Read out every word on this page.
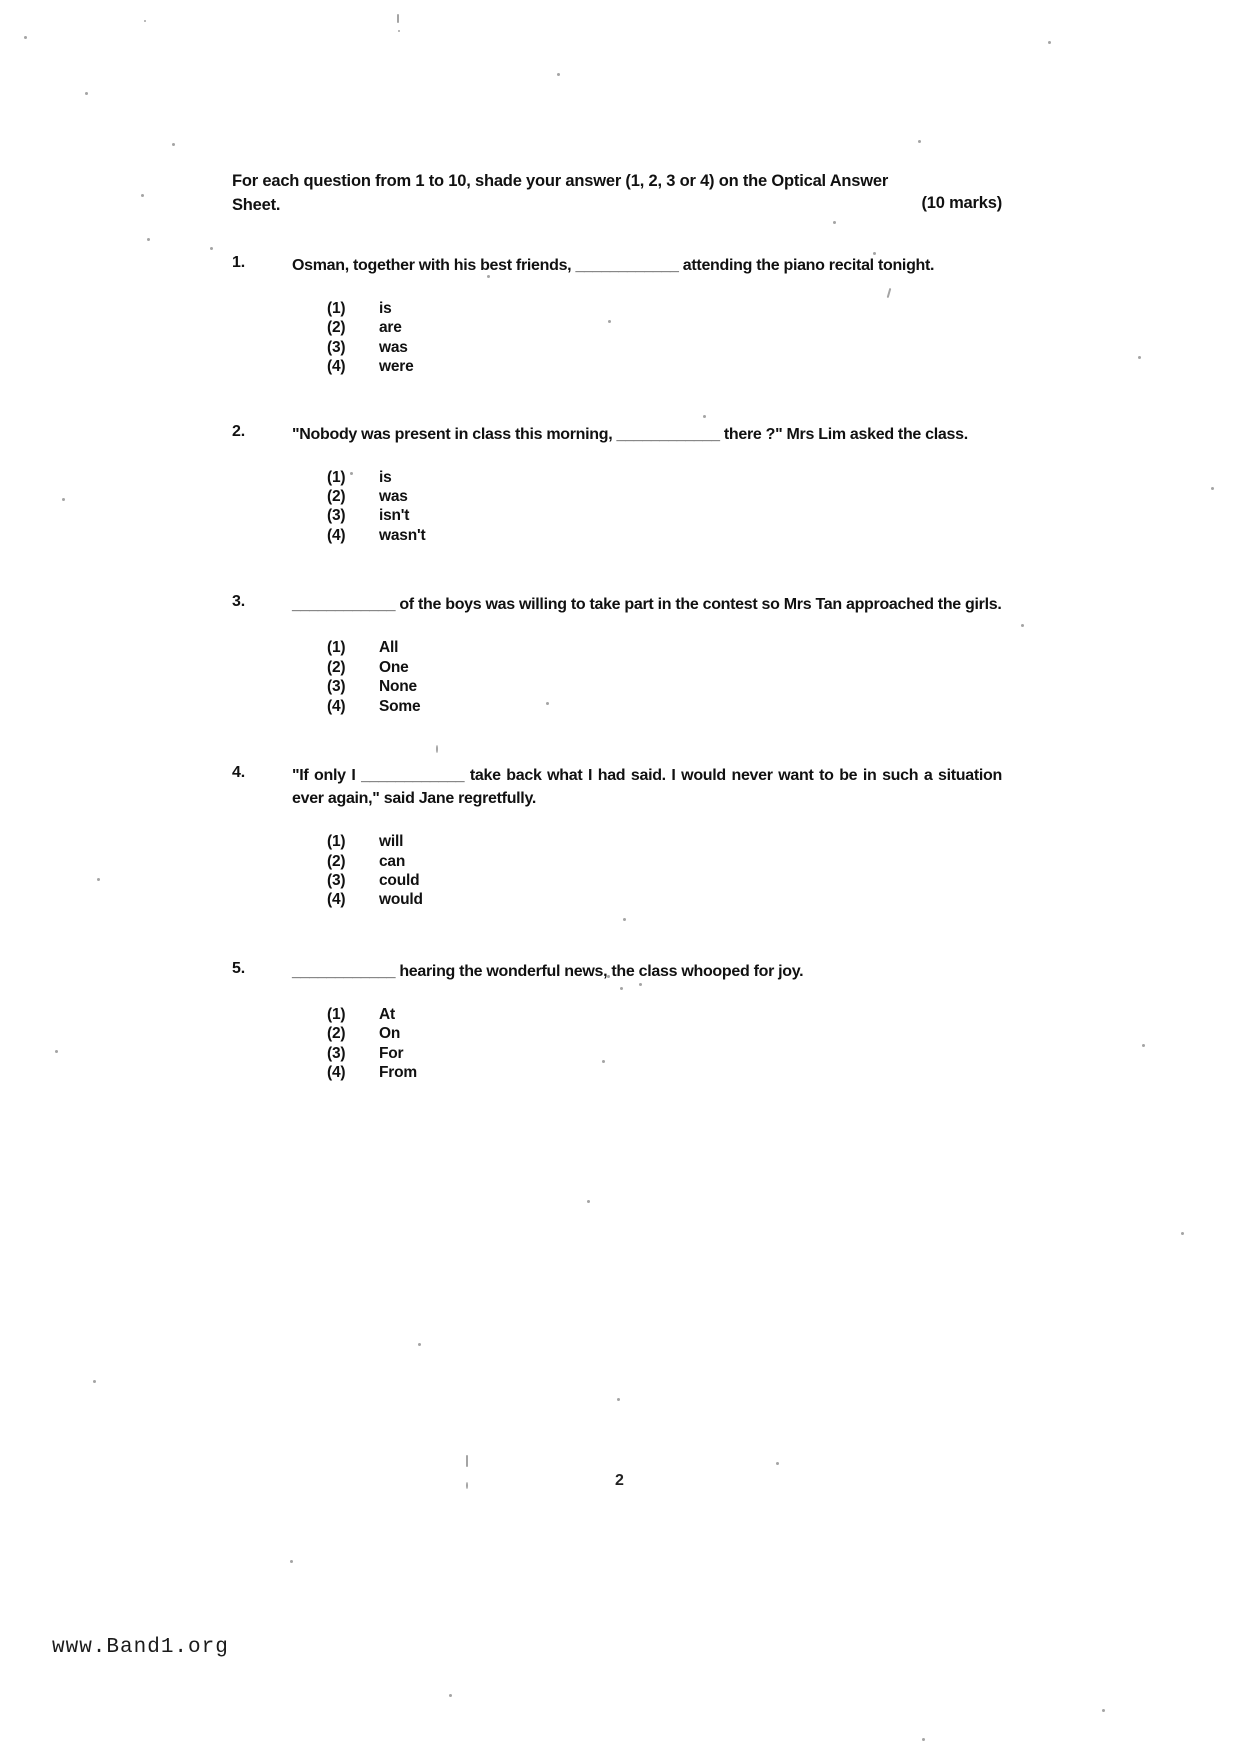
For each question from 1 to 10, shade your answer (1, 2, 3 or 4) on the Optical Answer
Sheet.	(10 marks)
1.	Osman, together with his best friends, ____________ attending the piano recital tonight.
(1) is
(2) are
(3) was
(4) were
2.	"Nobody was present in class this morning, ____________ there ?" Mrs Lim asked the class.
(1) is
(2) was
(3) isn't
(4) wasn't
3.	____________ of the boys was willing to take part in the contest so Mrs Tan approached the girls.
(1) All
(2) One
(3) None
(4) Some
4.	"If only I ____________ take back what I had said. I would never want to be in such a situation ever again," said Jane regretfully.
(1) will
(2) can
(3) could
(4) would
5.	____________ hearing the wonderful news, the class whooped for joy.
(1) At
(2) On
(3) For
(4) From
2
www.Band1.org
